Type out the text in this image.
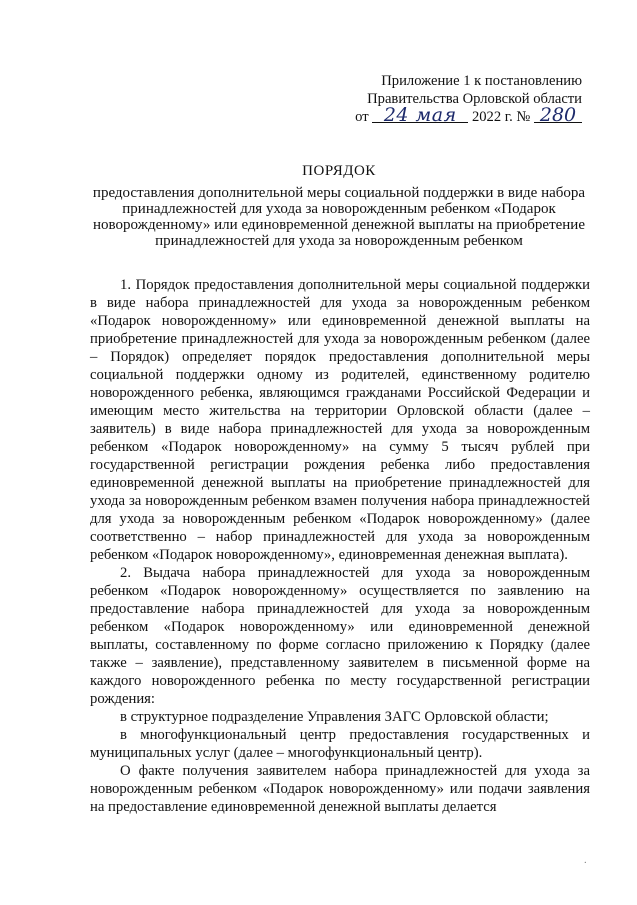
Приложение 1 к постановлению
Правительства Орловской области
от 24 мая 2022 г. № 280
ПОРЯДОК
предоставления дополнительной меры социальной поддержки в виде набора принадлежностей для ухода за новорожденным ребенком «Подарок новорожденному» или единовременной денежной выплаты на приобретение принадлежностей для ухода за новорожденным ребенком

1. Порядок предоставления дополнительной меры социальной поддержки в виде набора принадлежностей для ухода за новорожденным ребенком «Подарок новорожденному» или единовременной денежной выплаты на приобретение принадлежностей для ухода за новорожденным ребенком (далее – Порядок) определяет порядок предоставления дополнительной меры социальной поддержки одному из родителей, единственному родителю новорожденного ребенка, являющимся гражданами Российской Федерации и имеющим место жительства на территории Орловской области (далее – заявитель) в виде набора принадлежностей для ухода за новорожденным ребенком «Подарок новорожденному» на сумму 5 тысяч рублей при государственной регистрации рождения ребенка либо предоставления единовременной денежной выплаты на приобретение принадлежностей для ухода за новорожденным ребенком взамен получения набора принадлежностей для ухода за новорожденным ребенком «Подарок новорожденному» (далее соответственно – набор принадлежностей для ухода за новорожденным ребенком «Подарок новорожденному», единовременная денежная выплата).

2. Выдача набора принадлежностей для ухода за новорожденным ребенком «Подарок новорожденному» осуществляется по заявлению на предоставление набора принадлежностей для ухода за новорожденным ребенком «Подарок новорожденному» или единовременной денежной выплаты, составленному по форме согласно приложению к Порядку (далее также – заявление), представленному заявителем в письменной форме на каждого новорожденного ребенка по месту государственной регистрации рождения:

в структурное подразделение Управления ЗАГС Орловской области;

в многофункциональный центр предоставления государственных и муниципальных услуг (далее – многофункциональный центр).

О факте получения заявителем набора принадлежностей для ухода за новорожденным ребенком «Подарок новорожденному» или подачи заявления на предоставление единовременной денежной выплаты делается

·
